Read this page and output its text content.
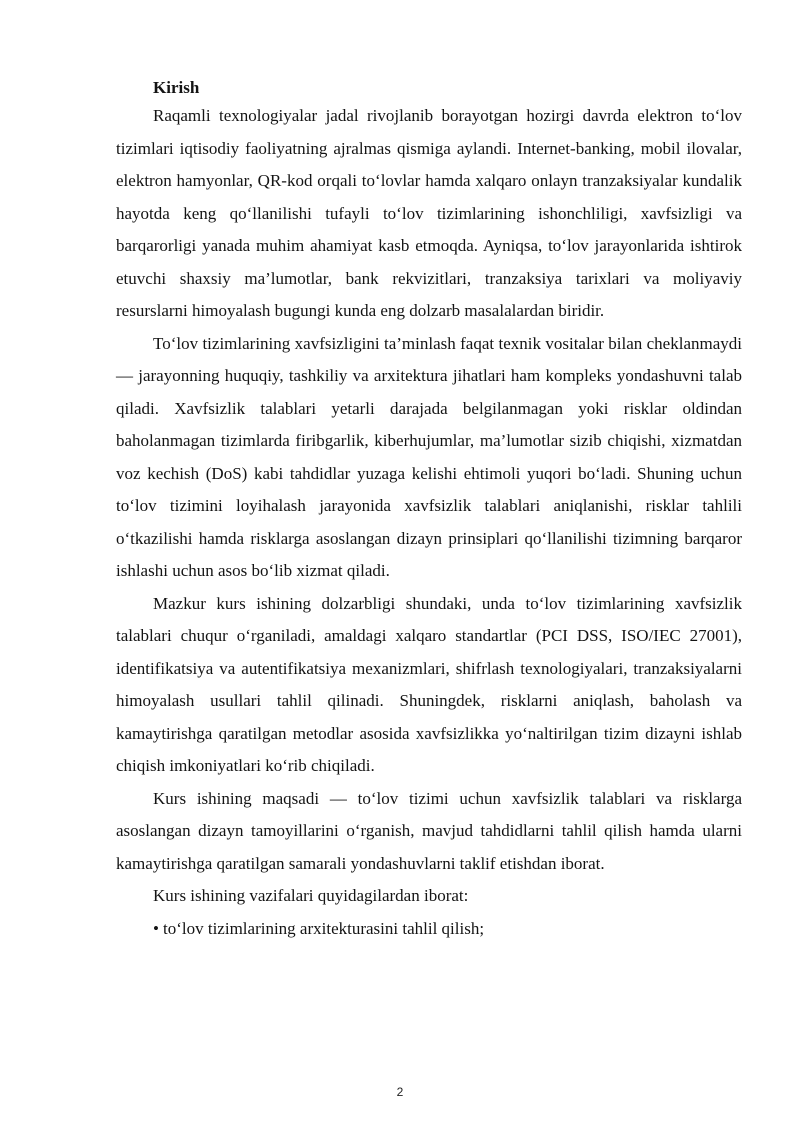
Kirish

Raqamli texnologiyalar jadal rivojlanib borayotgan hozirgi davrda elektron to‘lov tizimlari iqtisodiy faoliyatning ajralmas qismiga aylandi. Internet-banking, mobil ilovalar, elektron hamyonlar, QR-kod orqali to‘lovlar hamda xalqaro onlayn tranzaksiyalar kundalik hayotda keng qo‘llanilishi tufayli to‘lov tizimlarining ishonchliligi, xavfsizligi va barqarorligi yanada muhim ahamiyat kasb etmoqda. Ayniqsa, to‘lov jarayonlarida ishtirok etuvchi shaxsiy ma’lumotlar, bank rekvizitlari, tranzaksiya tarixlari va moliyaviy resurslarni himoyalash bugungi kunda eng dolzarb masalalardan biridir.

To‘lov tizimlarining xavfsizligini ta’minlash faqat texnik vositalar bilan cheklanmaydi — jarayonning huquqiy, tashkiliy va arxitektura jihatlari ham kompleks yondashuvni talab qiladi. Xavfsizlik talablari yetarli darajada belgilanmagan yoki risklar oldindan baholanmagan tizimlarda firibgarlik, kiberhujumlar, ma’lumotlar sizib chiqishi, xizmatdan voz kechish (DoS) kabi tahdidlar yuzaga kelishi ehtimoli yuqori bo‘ladi. Shuning uchun to‘lov tizimini loyihalash jarayonida xavfsizlik talablari aniqlanishi, risklar tahlili o‘tkazilishi hamda risklarga asoslangan dizayn prinsiplari qo‘llanilishi tizimning barqaror ishlashi uchun asos bo‘lib xizmat qiladi.

Mazkur kurs ishining dolzarbligi shundaki, unda to‘lov tizimlarining xavfsizlik talablari chuqur o‘rganiladi, amaldagi xalqaro standartlar (PCI DSS, ISO/IEC 27001), identifikatsiya va autentifikatsiya mexanizmlari, shifrlash texnologiyalari, tranzaksiyalarni himoyalash usullari tahlil qilinadi. Shuningdek, risklarni aniqlash, baholash va kamaytirishga qaratilgan metodlar asosida xavfsizlikka yo‘naltirilgan tizim dizayni ishlab chiqish imkoniyatlari ko‘rib chiqiladi.

Kurs ishining maqsadi — to‘lov tizimi uchun xavfsizlik talablari va risklarga asoslangan dizayn tamoyillarini o‘rganish, mavjud tahdidlarni tahlil qilish hamda ularni kamaytirishga qaratilgan samarali yondashuvlarni taklif etishdan iborat.

Kurs ishining vazifalari quyidagilardan iborat:

• to‘lov tizimlarining arxitekturasini tahlil qilish;

2
